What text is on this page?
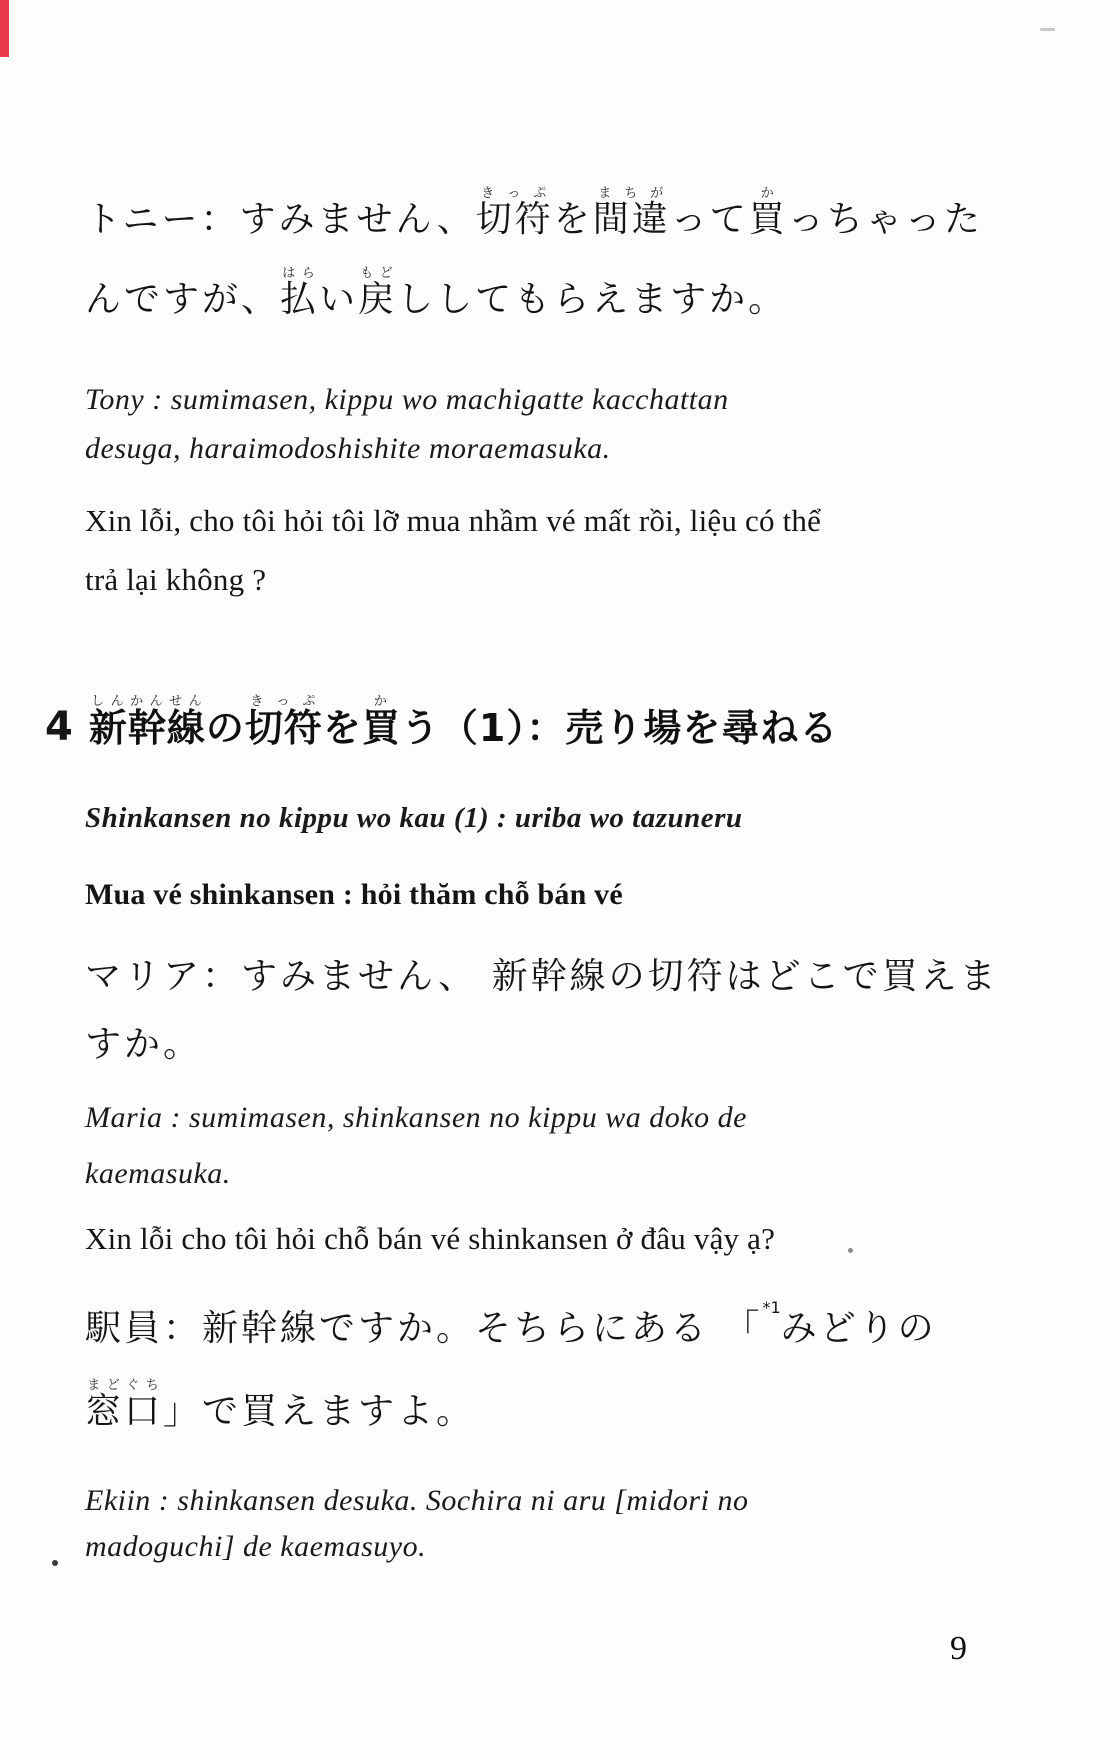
トニー：すみません、切符きっぷを間違まちがって買かっちゃった
んですが、払はらい戻もどししてもらえますか。
Tony : sumimasen, kippu wo machigatte kacchattan
desuga, haraimodoshishite moraemasuka.
Xin lỗi, cho tôi hỏi tôi lỡ mua nhầm vé mất rồi, liệu có thể
trả lại không ?
4 新幹線しんかんせんの切符きっぷを買かう（1）：売り場を尋ねる
Shinkansen no kippu wo kau (1) : uriba wo tazuneru
Mua vé shinkansen : hỏi thăm chỗ bán vé
マリア：すみません、 新幹線の切符はどこで買えま
すか。
Maria : sumimasen, shinkansen no kippu wa doko de
kaemasuka.
Xin lỗi cho tôi hỏi chỗ bán vé shinkansen ở đâu vậy ạ?
駅員：新幹線ですか。そちらにある 「$^{*1}$みどりの
窓口まどぐち」で買えますよ。
Ekiin : shinkansen desuka. Sochira ni aru [midori no
madoguchi] de kaemasuyo.
9
